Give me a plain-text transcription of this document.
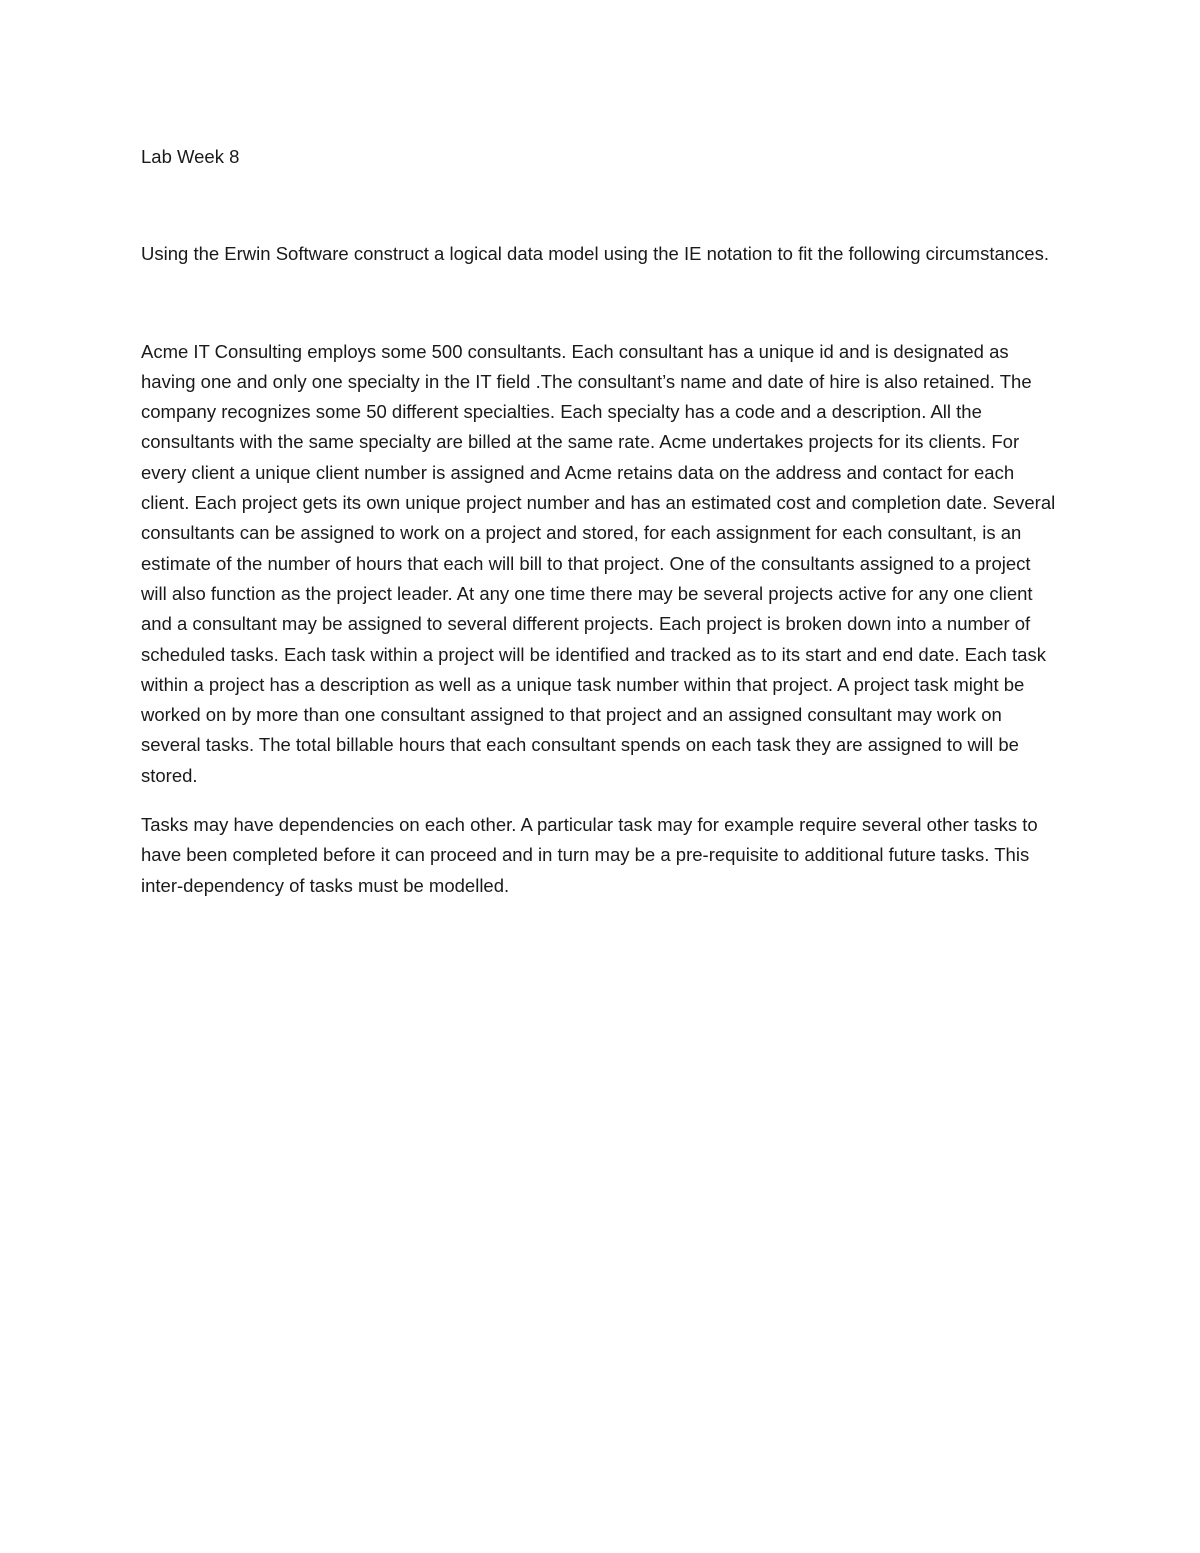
Lab Week 8

Using the Erwin Software construct a logical data model using the IE notation to fit the following circumstances.

Acme IT Consulting employs some 500 consultants. Each consultant has a unique id and is designated as having one and only one specialty in the IT field .The consultant’s name and date of hire is also retained. The company recognizes some 50 different specialties. Each specialty has a code and a description. All the consultants with the same specialty are billed at the same rate. Acme undertakes projects for its clients. For every client a unique client number is assigned and Acme retains data on the address and contact for each client. Each project gets its own unique project number and has an estimated cost and completion date. Several consultants can be assigned to work on a project and stored, for each assignment for each consultant, is an estimate of the number of hours that each will bill to that project. One of the consultants assigned to a project will also function as the project leader. At any one time there may be several projects active for any one client and a consultant may be assigned to several different projects. Each project is broken down into a number of scheduled tasks. Each task within a project will be identified and tracked as to its start and end date. Each task within a project has a description as well as a unique task number within that project. A project task might be worked on by more than one consultant assigned to that project and an assigned consultant may work on several tasks. The total billable hours that each consultant spends on each task they are assigned to will be stored.

Tasks may have dependencies on each other. A particular task may for example require several other tasks to have been completed before it can proceed and in turn may be a pre-requisite to additional future tasks. This inter-dependency of tasks must be modelled.
